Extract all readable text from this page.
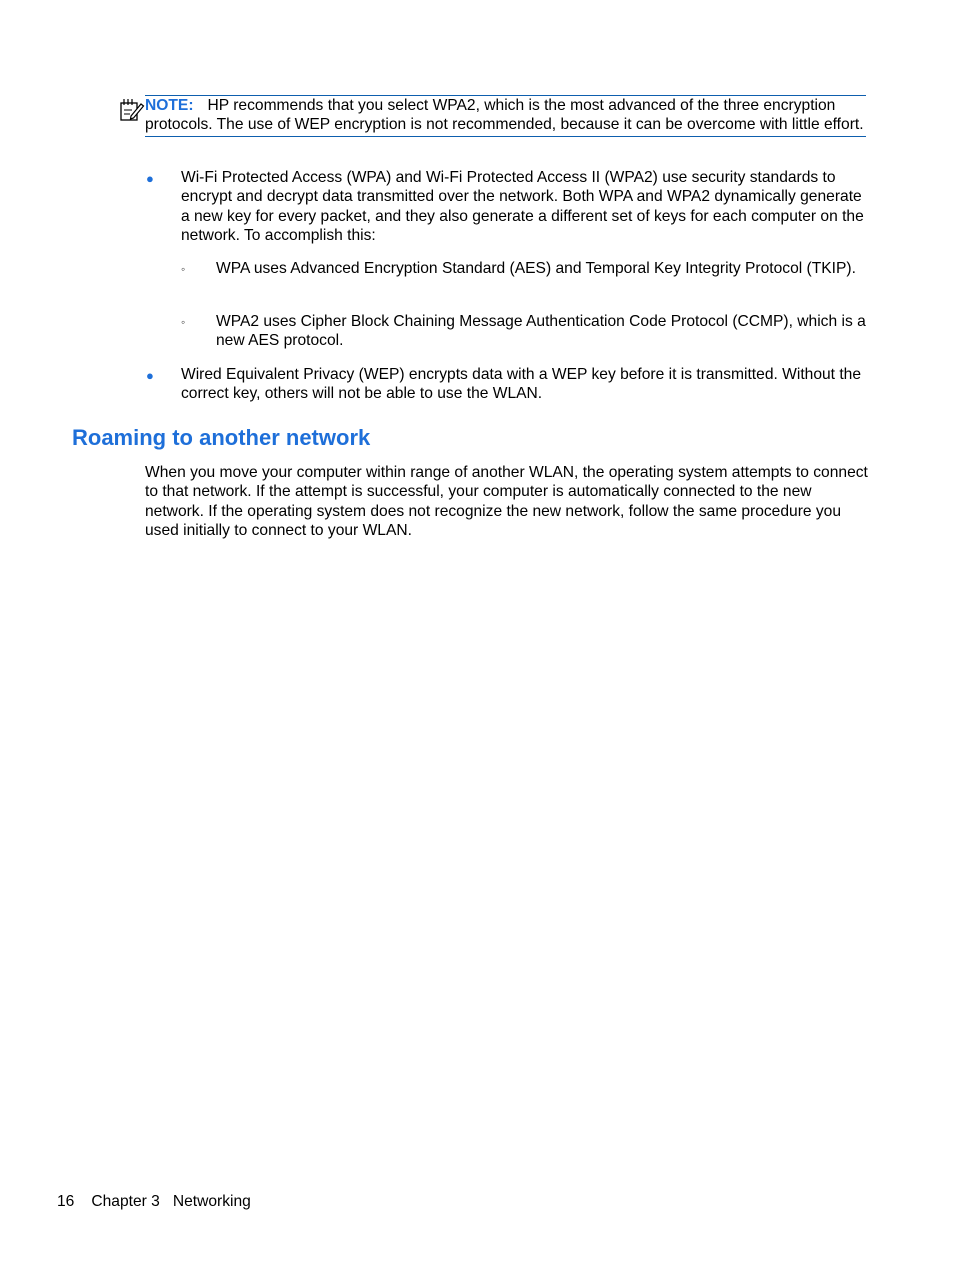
NOTE: HP recommends that you select WPA2, which is the most advanced of the three encryption protocols. The use of WEP encryption is not recommended, because it can be overcome with little effort.

● Wi-Fi Protected Access (WPA) and Wi-Fi Protected Access II (WPA2) use security standards to encrypt and decrypt data transmitted over the network. Both WPA and WPA2 dynamically generate a new key for every packet, and they also generate a different set of keys for each computer on the network. To accomplish this:

◦ WPA uses Advanced Encryption Standard (AES) and Temporal Key Integrity Protocol (TKIP).

◦ WPA2 uses Cipher Block Chaining Message Authentication Code Protocol (CCMP), which is a new AES protocol.

● Wired Equivalent Privacy (WEP) encrypts data with a WEP key before it is transmitted. Without the correct key, others will not be able to use the WLAN.

Roaming to another network

When you move your computer within range of another WLAN, the operating system attempts to connect to that network. If the attempt is successful, your computer is automatically connected to the new network. If the operating system does not recognize the new network, follow the same procedure you used initially to connect to your WLAN.

16 Chapter 3 Networking
